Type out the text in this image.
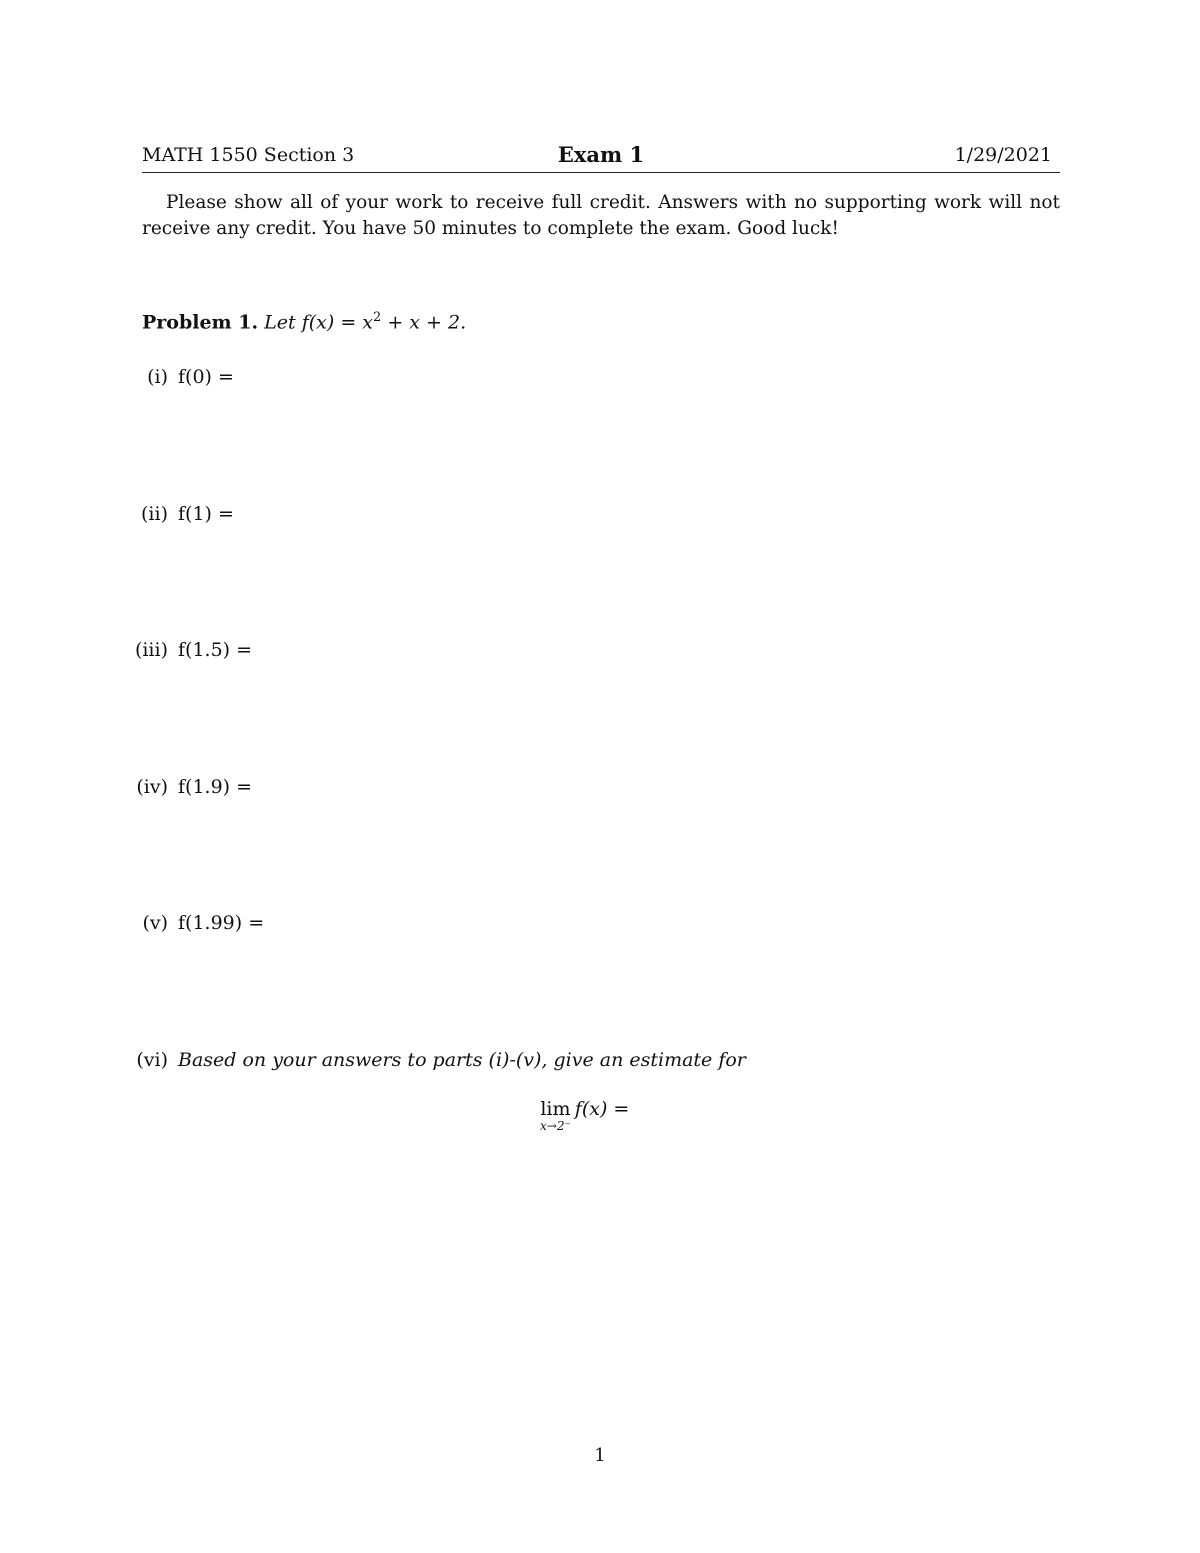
MATH 1550 Section 3	Exam 1	1/29/2021
Please show all of your work to receive full credit. Answers with no supporting work will not receive any credit. You have 50 minutes to complete the exam. Good luck!
Problem 1. Let $f(x) = x^2 + x + 2$.
(i) f(0) =
(ii) f(1) =
(iii) f(1.5) =
(iv) f(1.9) =
(v) f(1.99) =
(vi) Based on your answers to parts (i)-(v), give an estimate for
lim
x→2⁻
f(x) =
1
